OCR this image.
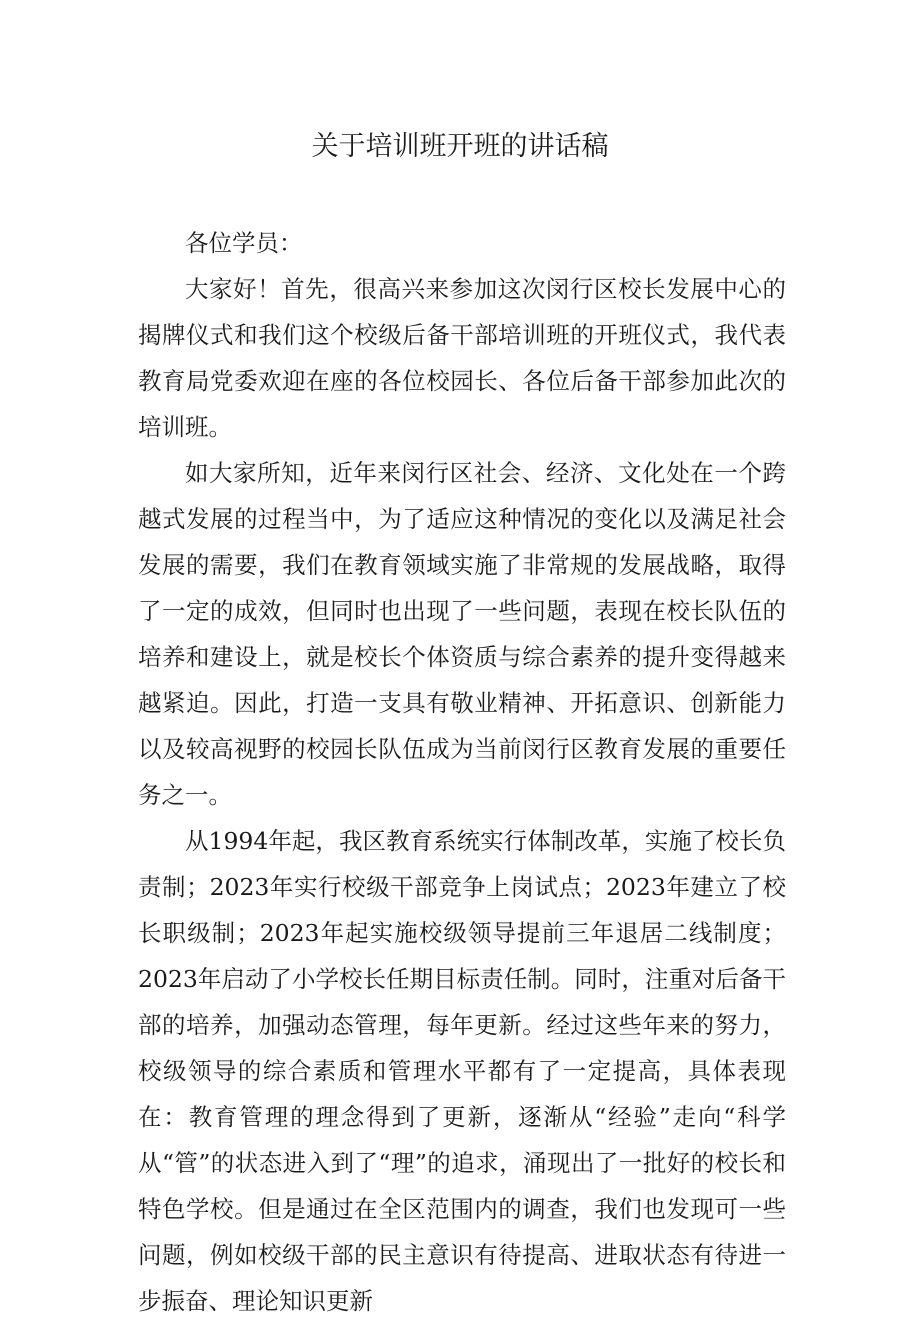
关于培训班开班的讲话稿

各位学员：

大家好！首先，很高兴来参加这次闵行区校长发展中心的揭牌仪式和我们这个校级后备干部培训班的开班仪式，我代表教育局党委欢迎在座的各位校园长、各位后备干部参加此次的培训班。

如大家所知，近年来闵行区社会、经济、文化处在一个跨越式发展的过程当中，为了适应这种情况的变化以及满足社会发展的需要，我们在教育领域实施了非常规的发展战略，取得了一定的成效，但同时也出现了一些问题，表现在校长队伍的培养和建设上，就是校长个体资质与综合素养的提升变得越来越紧迫。因此，打造一支具有敬业精神、开拓意识、创新能力以及较高视野的校园长队伍成为当前闵行区教育发展的重要任务之一。

从1994年起，我区教育系统实行体制改革，实施了校长负责制；2023年实行校级干部竞争上岗试点；2023年建立了校长职级制；2023年起实施校级领导提前三年退居二线制度；2023年启动了小学校长任期目标责任制。同时，注重对后备干部的培养，加强动态管理，每年更新。经过这些年来的努力，校级领导的综合素质和管理水平都有了一定提高，具体表现在：教育管理的理念得到了更新，逐渐从“经验”走向“科学从“管”的状态进入到了“理”的追求，涌现出了一批好的校长和特色学校。但是通过在全区范围内的调查，我们也发现可一些问题，例如校级干部的民主意识有待提高、进取状态有待进一步振奋、理论知识更新
